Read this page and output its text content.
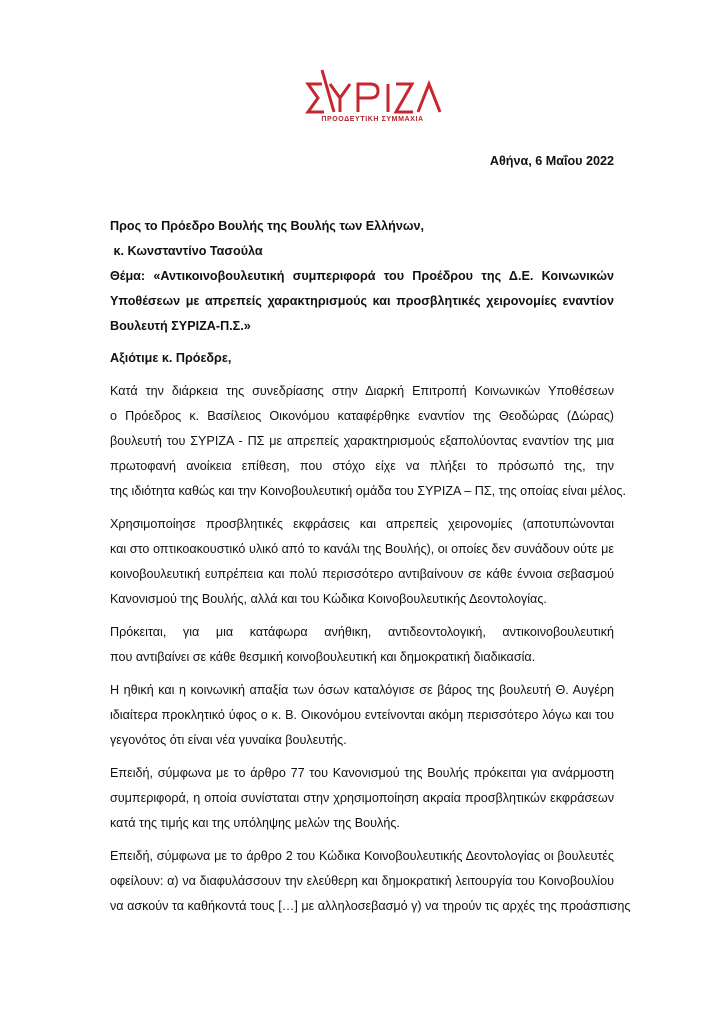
ΠΡΟΟΔΕΥΤΙΚΗ ΣΥΜΜΑΧΙΑ
Αθήνα, 6 Μαΐου 2022
Προς το Πρόεδρο Βουλής της Βουλής των Ελλήνων,
κ. Κωνσταντίνο Τασούλα
Θέμα: «Αντικοινοβουλευτική συμπεριφορά του Προέδρου της Δ.Ε. Κοινωνικών
Υποθέσεων με απρεπείς χαρακτηρισμούς και προσβλητικές χειρονομίες εναντίον
Βουλευτή ΣΥΡΙΖΑ-Π.Σ.»
Αξιότιμε κ. Πρόεδρε,
Κατά την διάρκεια της συνεδρίασης στην Διαρκή Επιτροπή Κοινωνικών Υποθέσεων
ο Πρόεδρος κ. Βασίλειος Οικονόμου καταφέρθηκε εναντίον της Θεοδώρας (Δώρας)
βουλευτή του ΣΥΡΙΖΑ - ΠΣ με απρεπείς χαρακτηρισμούς εξαπολύοντας εναντίον της μια
πρωτοφανή ανοίκεια επίθεση, που στόχο είχε να πλήξει το πρόσωπό της, την
της ιδιότητα καθώς και την Κοινοβουλευτική ομάδα του ΣΥΡΙΖΑ – ΠΣ, της οποίας είναι μέλος.
Χρησιμοποίησε προσβλητικές εκφράσεις και απρεπείς χειρονομίες (αποτυπώνονται
και στο οπτικοακουστικό υλικό από το κανάλι της Βουλής), οι οποίες δεν συνάδουν ούτε με
κοινοβουλευτική ευπρέπεια και πολύ περισσότερο αντιβαίνουν σε κάθε έννοια σεβασμού
Κανονισμού της Βουλής, αλλά και του Κώδικα Κοινοβουλευτικής Δεοντολογίας.
Πρόκειται, για μια κατάφωρα ανήθικη, αντιδεοντολογική, αντικοινοβουλευτική
που αντιβαίνει σε κάθε θεσμική κοινοβουλευτική και δημοκρατική διαδικασία.
Η ηθική και η κοινωνική απαξία των όσων καταλόγισε σε βάρος της βουλευτή Θ. Αυγέρη
ιδιαίτερα προκλητικό ύφος ο κ. Β. Οικονόμου εντείνονται ακόμη περισσότερο λόγω και του
γεγονότος ότι είναι νέα γυναίκα βουλευτής.
Επειδή, σύμφωνα με το άρθρο 77 του Κανονισμού της Βουλής πρόκειται για ανάρμοστη
συμπεριφορά, η οποία συνίσταται στην χρησιμοποίηση ακραία προσβλητικών εκφράσεων
κατά της τιμής και της υπόληψης μελών της Βουλής.
Επειδή, σύμφωνα με το άρθρο 2 του Κώδικα Κοινοβουλευτικής Δεοντολογίας οι βουλευτές
οφείλουν: α) να διαφυλάσσουν την ελεύθερη και δημοκρατική λειτουργία του Κοινοβουλίου
να ασκούν τα καθήκοντά τους […] με αλληλοσεβασμό γ) να τηρούν τις αρχές της προάσπισης
